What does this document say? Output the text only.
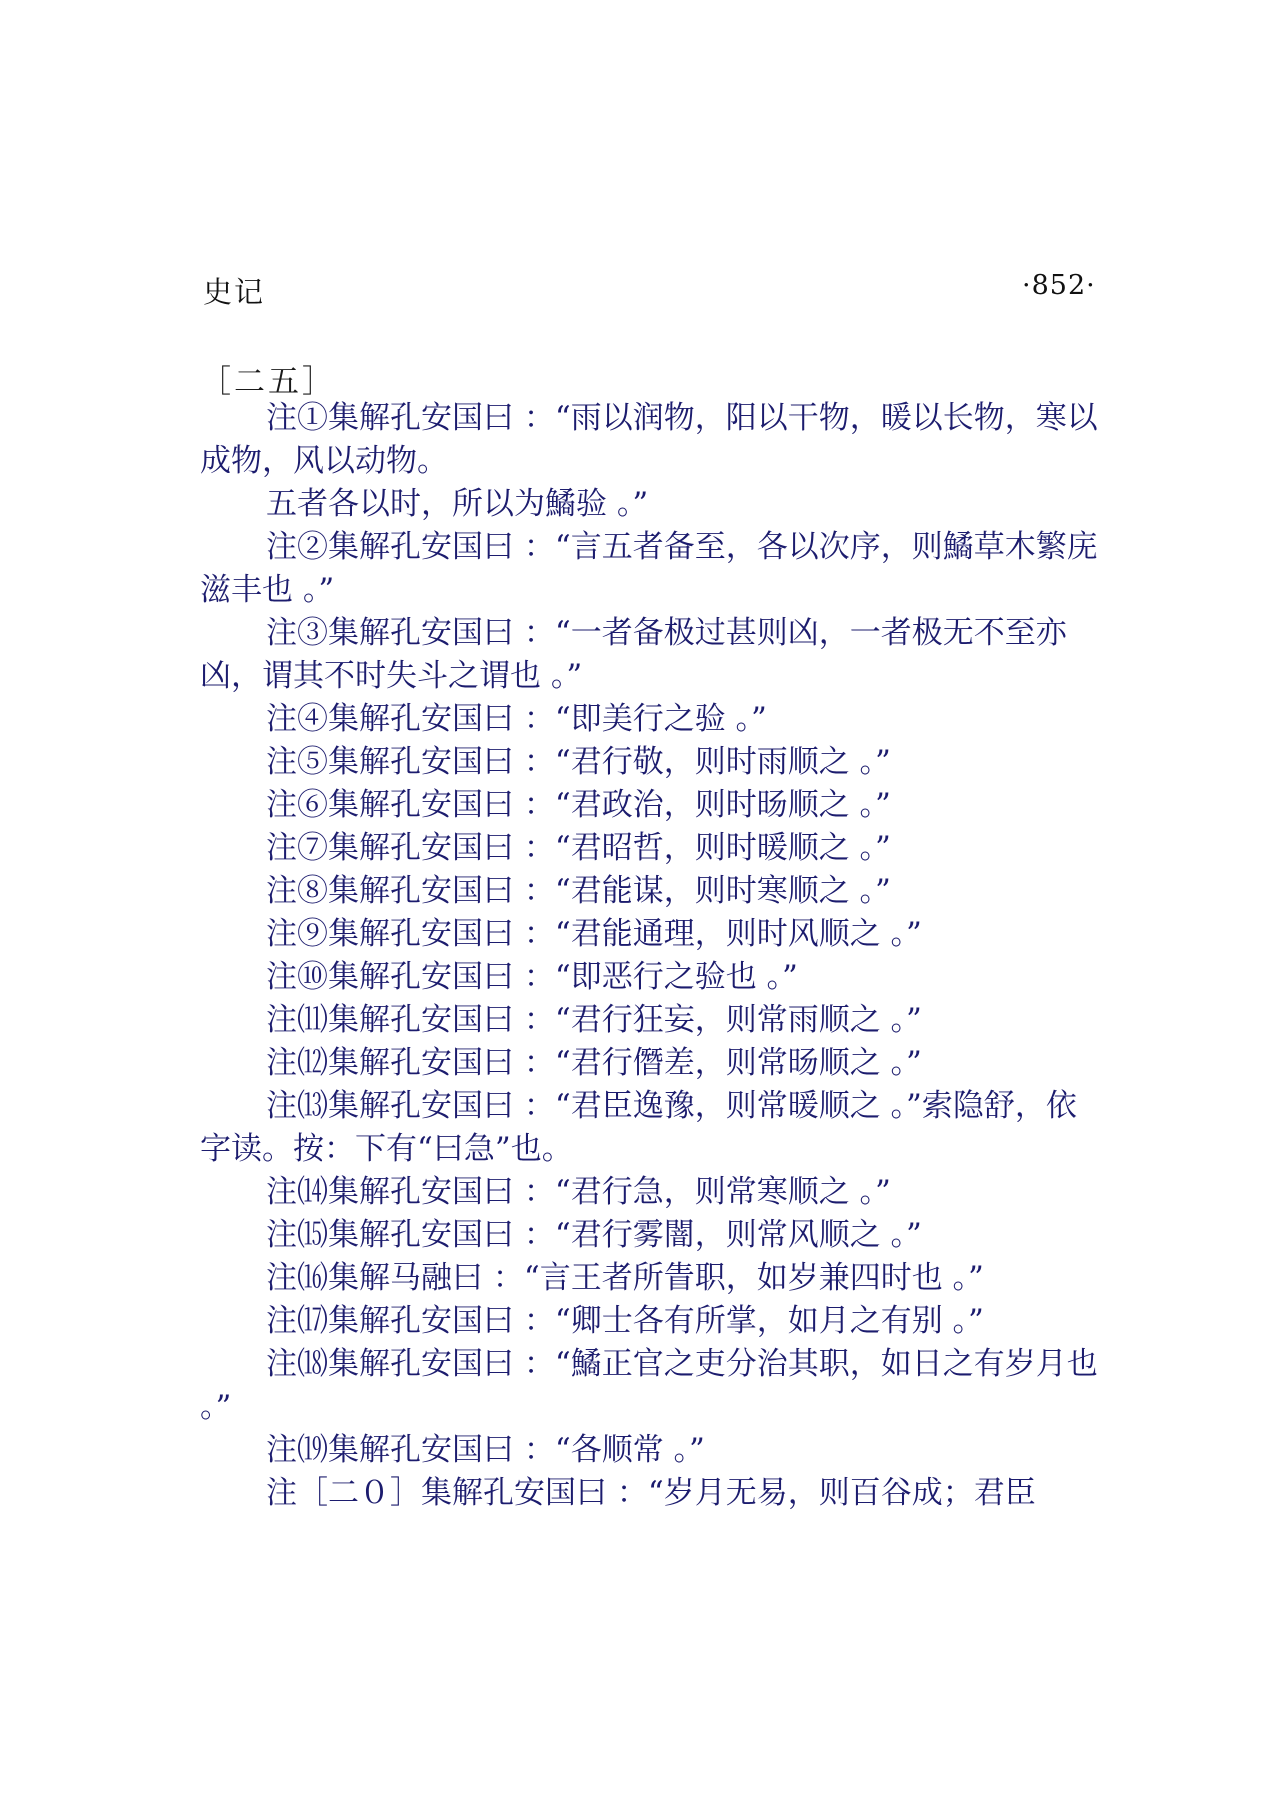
史记	·852·
［二五］

注①集解孔安国曰 ：“雨以润物，阳以干物，暖以长物，寒以成物，风以动物。

五者各以时，所以为鱊验 。”

注②集解孔安国曰 ：“言五者备至，各以次序，则鱊草木繁庑滋丰也 。”

注③集解孔安国曰 ：“一者备极过甚则凶，一者极无不至亦凶，谓其不时失斗之谓也 。”

注④集解孔安国曰 ：“即美行之验 。”

注⑤集解孔安国曰 ：“君行敬，则时雨顺之 。”

注⑥集解孔安国曰 ：“君政治，则时旸顺之 。”

注⑦集解孔安国曰 ：“君昭哲，则时暖顺之 。”

注⑧集解孔安国曰 ：“君能谋，则时寒顺之 。”

注⑨集解孔安国曰 ：“君能通理，则时风顺之 。”

注⑩集解孔安国曰 ：“即恶行之验也 。”

注⑾集解孔安国曰 ：“君行狂妄，则常雨顺之 。”

注⑿集解孔安国曰 ：“君行僭差，则常旸顺之 。”

注⒀集解孔安国曰 ：“君臣逸豫，则常暖顺之 。”索隐舒，依字读。按：下有“曰急”也。

注⒁集解孔安国曰 ：“君行急，则常寒顺之 。”

注⒂集解孔安国曰 ：“君行雾闇，则常风顺之 。”

注⒃集解马融曰 ：“言王者所眚职，如岁兼四时也 。”

注⒄集解孔安国曰 ：“卿士各有所掌，如月之有别 。”

注⒅集解孔安国曰 ：“鱊正官之吏分治其职，如日之有岁月也 。”

注⒆集解孔安国曰 ：“各顺常 。”

注［二０］集解孔安国曰 ：“岁月无易，则百谷成；君臣
